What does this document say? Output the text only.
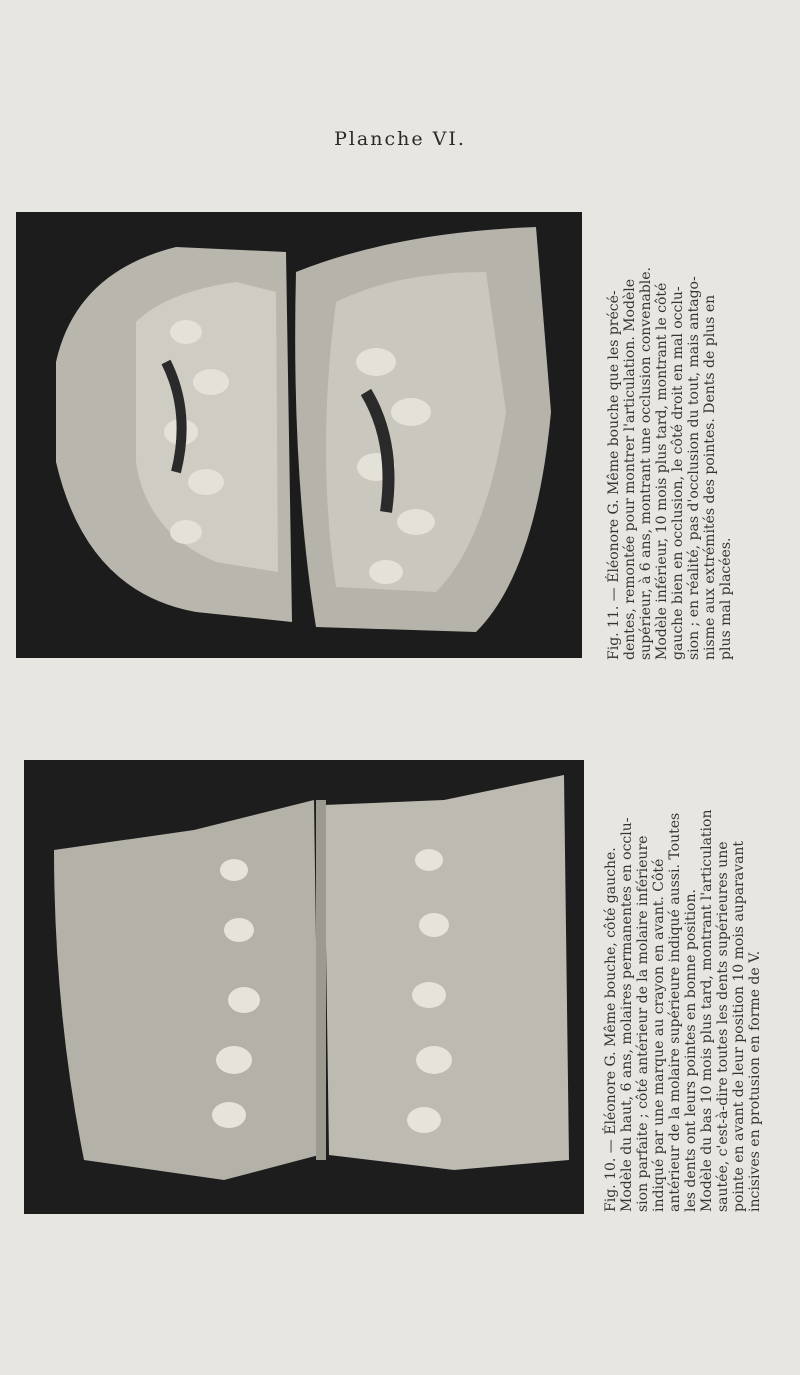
Planche VI.

Fig. 11. — Éléonore G. Même bouche que les précé- dentes, remontée pour montrer l'articulation. Modèle supérieur, à 6 ans, montrant une occlusion convenable. Modèle inférieur, 10 mois plus tard, montrant le côté gauche bien en occlusion, le côté droit en mal occlu- sion ; en réalité, pas d'occlusion du tout, mais antago- nisme aux extrémités des pointes. Dents de plus en plus mal placées.

Fig. 10. — Éléonore G. Même bouche, côté gauche. Modèle du haut, 6 ans, molaires permanentes en occlu- sion parfaite ; côté antérieur de la molaire inférieure indiqué par une marque au crayon en avant. Côté antérieur de la molaire supérieure indiqué aussi. Toutes les dents ont leurs pointes en bonne position. Modèle du bas 10 mois plus tard, montrant l'articulation sautée, c'est-à-dire toutes les dents supérieures une pointe en avant de leur position 10 mois auparavant incisives en protusion en forme de V.
